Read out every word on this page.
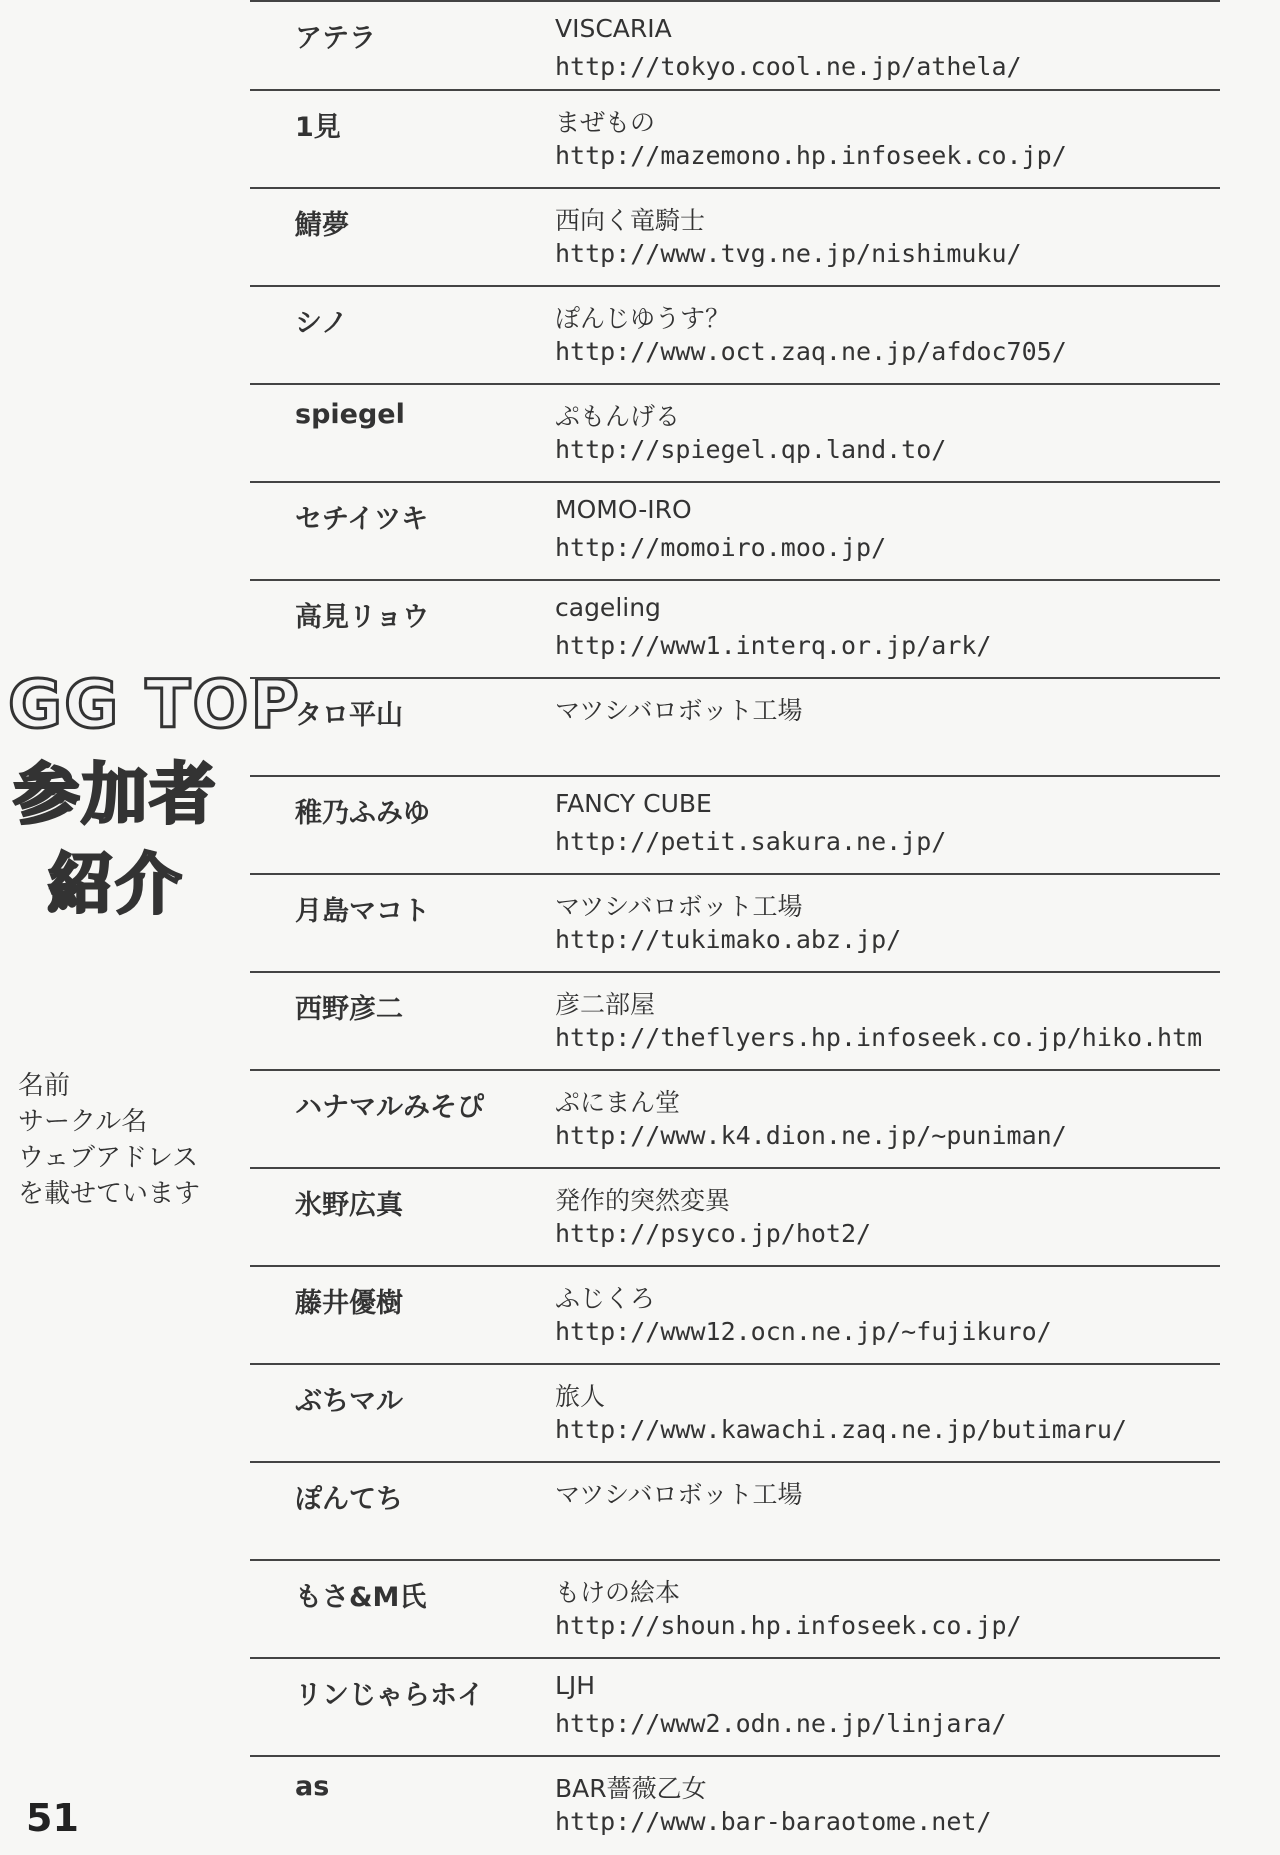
GG TOP
参加者
紹介
名前
サークル名
ウェブアドレス
を載せています
アテラ	VISCARIA
http://tokyo.cool.ne.jp/athela/
1見	まぜもの
http://mazemono.hp.infoseek.co.jp/
鯖夢	西向く竜騎士
http://www.tvg.ne.jp/nishimuku/
シノ	ぽんじゆうす？
http://www.oct.zaq.ne.jp/afdoc705/
spiegel	ぷもんげる
http://spiegel.qp.land.to/
セチイツキ	MOMO-IRO
http://momoiro.moo.jp/
高見リョウ	cageling
http://www1.interq.or.jp/ark/
タロ平山	マツシバロボット工場
稚乃ふみゆ	FANCY CUBE
http://petit.sakura.ne.jp/
月島マコト	マツシバロボット工場
http://tukimako.abz.jp/
西野彦二	彦二部屋
http://theflyers.hp.infoseek.co.jp/hiko.htm
ハナマルみそぴ	ぷにまん堂
http://www.k4.dion.ne.jp/~puniman/
氷野広真	発作的突然変異
http://psyco.jp/hot2/
藤井優樹	ふじくろ
http://www12.ocn.ne.jp/~fujikuro/
ぶちマル	旅人
http://www.kawachi.zaq.ne.jp/butimaru/
ぽんてち	マツシバロボット工場
もさ&M氏	もけの絵本
http://shoun.hp.infoseek.co.jp/
リンじゃらホイ	LJH
http://www2.odn.ne.jp/linjara/
as	BAR薔薇乙女
http://www.bar-baraotome.net/
51
